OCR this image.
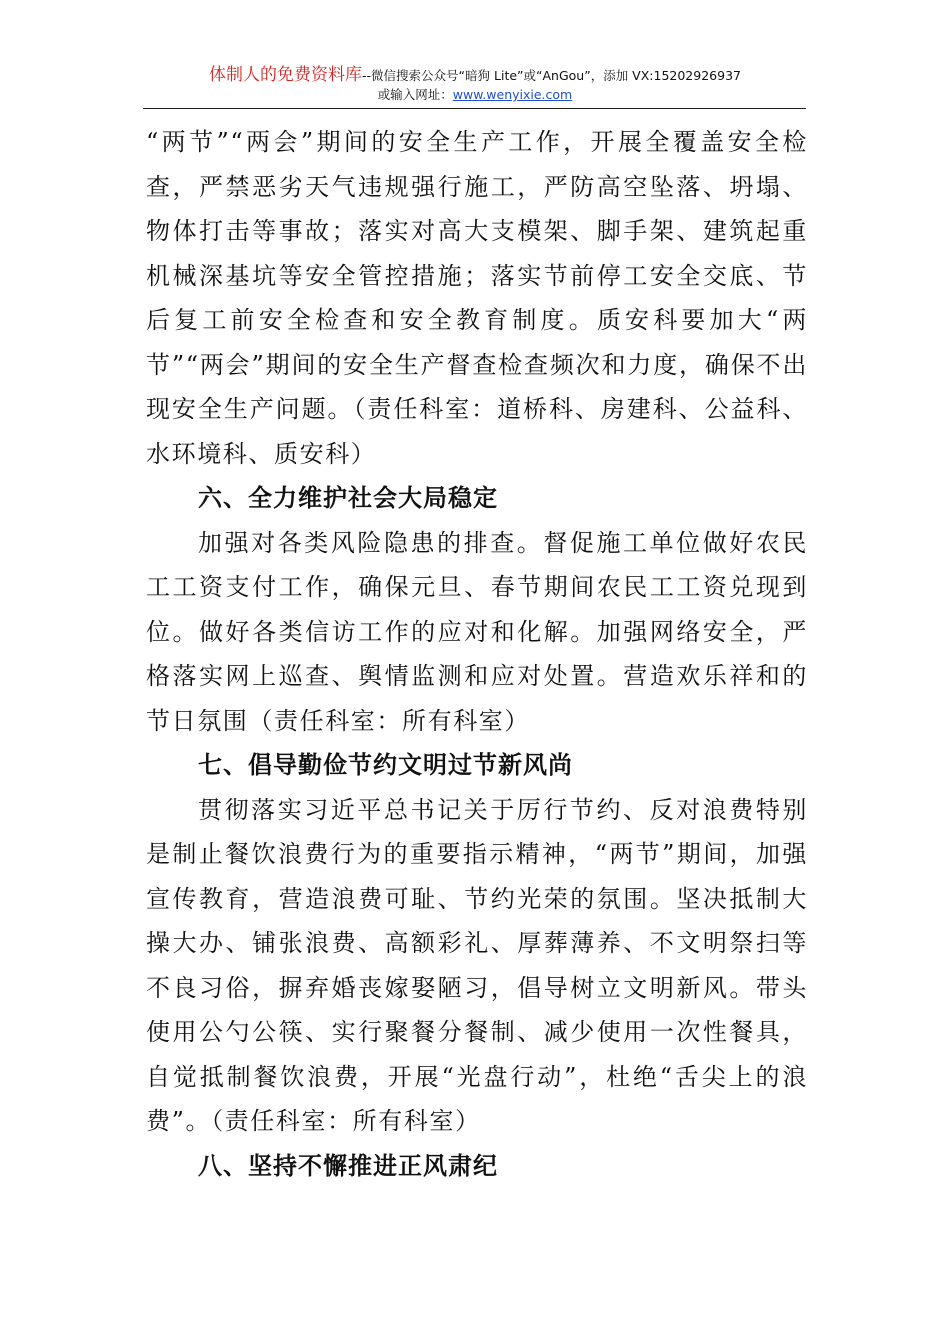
体制人的免费资料库--微信搜索公众号“暗狗 Lite”或“AnGou”，添加 VX:15202926937
或输入网址：www.wenyixie.com

“两节”“两会”期间的安全生产工作，开展全覆盖安全检查，严禁恶劣天气违规强行施工，严防高空坠落、坍塌、物体打击等事故；落实对高大支模架、脚手架、建筑起重机械深基坑等安全管控措施；落实节前停工安全交底、节后复工前安全检查和安全教育制度。质安科要加大“两节”“两会”期间的安全生产督查检查频次和力度，确保不出现安全生产问题。（责任科室：道桥科、房建科、公益科、水环境科、质安科）

六、全力维护社会大局稳定

加强对各类风险隐患的排查。督促施工单位做好农民工工资支付工作，确保元旦、春节期间农民工工资兑现到位。做好各类信访工作的应对和化解。加强网络安全，严格落实网上巡查、舆情监测和应对处置。营造欢乐祥和的节日氛围（责任科室：所有科室）

七、倡导勤俭节约文明过节新风尚

贯彻落实习近平总书记关于厉行节约、反对浪费特别是制止餐饮浪费行为的重要指示精神，“两节”期间，加强宣传教育，营造浪费可耻、节约光荣的氛围。坚决抵制大操大办、铺张浪费、高额彩礼、厚葬薄养、不文明祭扫等不良习俗，摒弃婚丧嫁娶陋习，倡导树立文明新风。带头使用公勺公筷、实行聚餐分餐制、减少使用一次性餐具，自觉抵制餐饮浪费，开展“光盘行动”，杜绝“舌尖上的浪费”。（责任科室：所有科室）

八、坚持不懈推进正风肃纪
